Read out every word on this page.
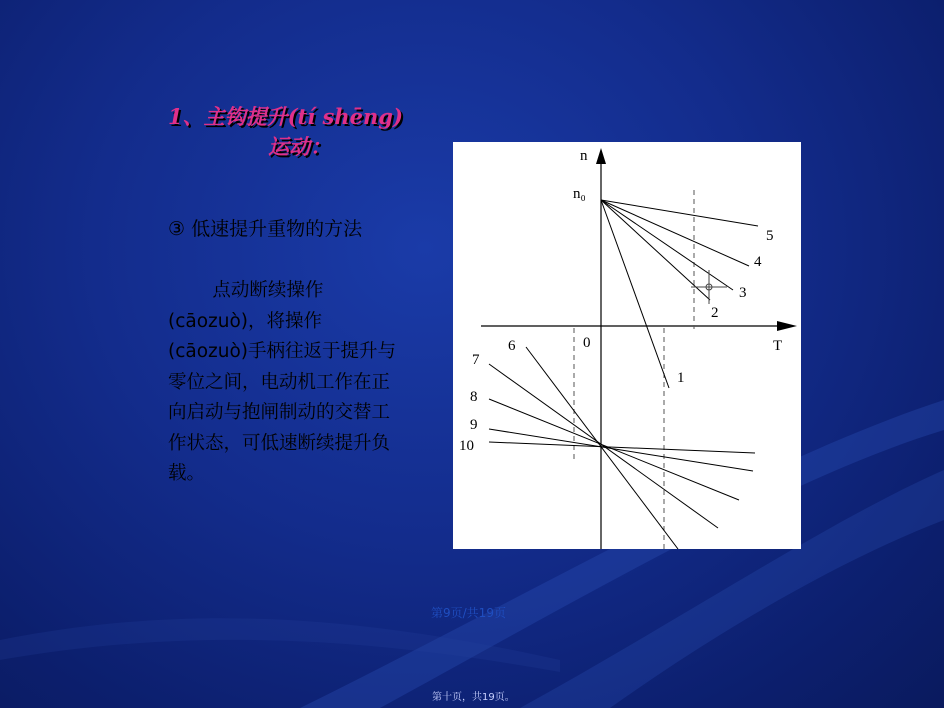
1、主钩提升(tí shēng)
运动：
③ 低速提升重物的方法

点动断续操作(cāozuò)，将操作(cāozuò)手柄往返于提升与零位之间，电动机工作在正向启动与抱闸制动的交替工作状态，可低速断续提升负载。

n
T
n₀
0
1
2
3
4
5
6
7
8
9
10
第9页/共19页
第十页，共19页。
